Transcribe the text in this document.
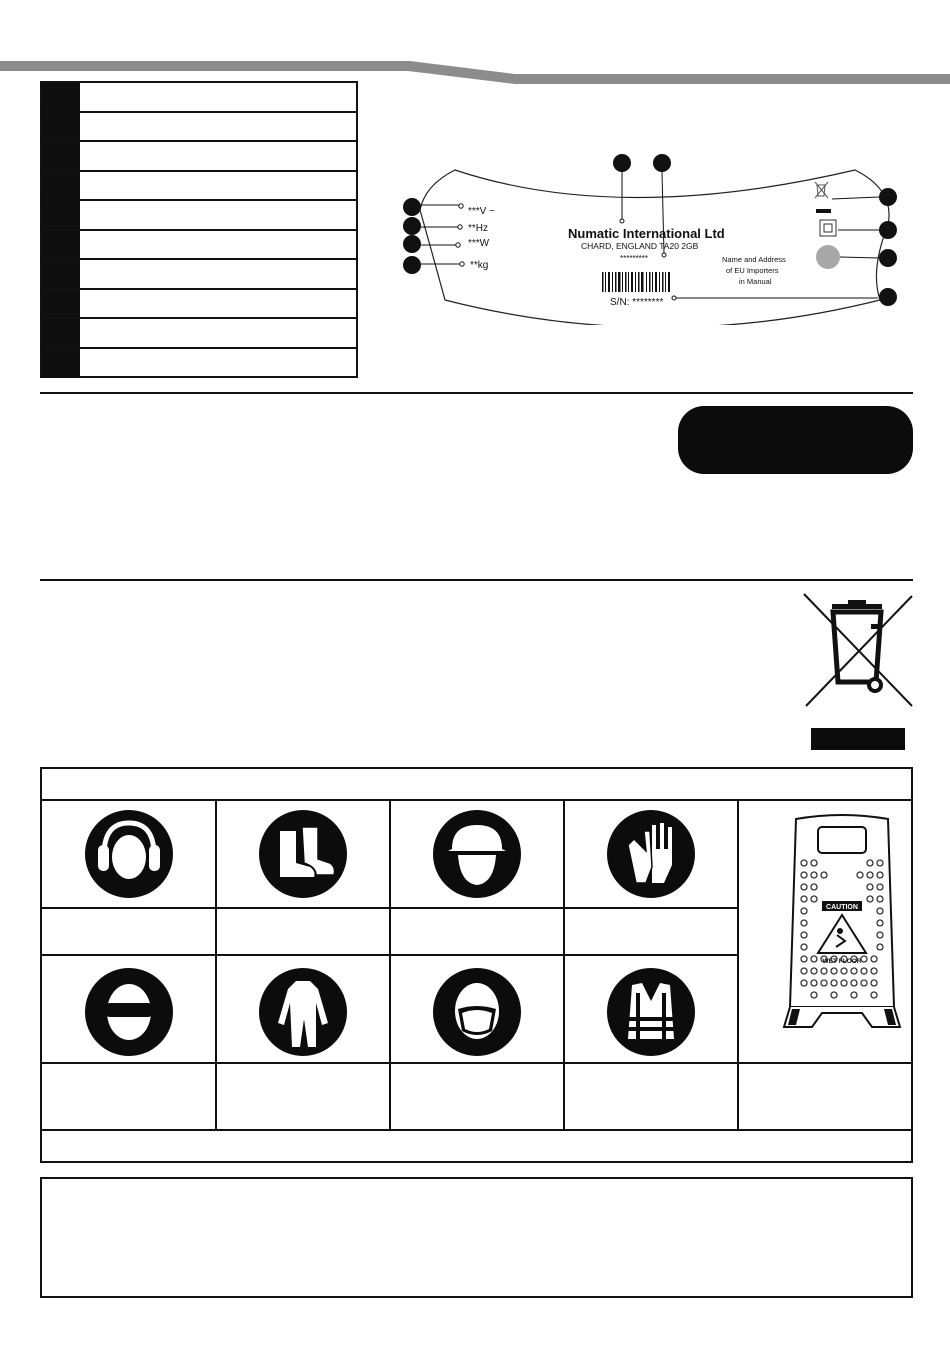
***V ~
**Hz
***W
**kg
Numatic International Ltd
CHARD, ENGLAND TA20 2GB
*********
S/N: ********
Name and Address
of EU Importers
in Manual
CAUTION
WET FLOOR
